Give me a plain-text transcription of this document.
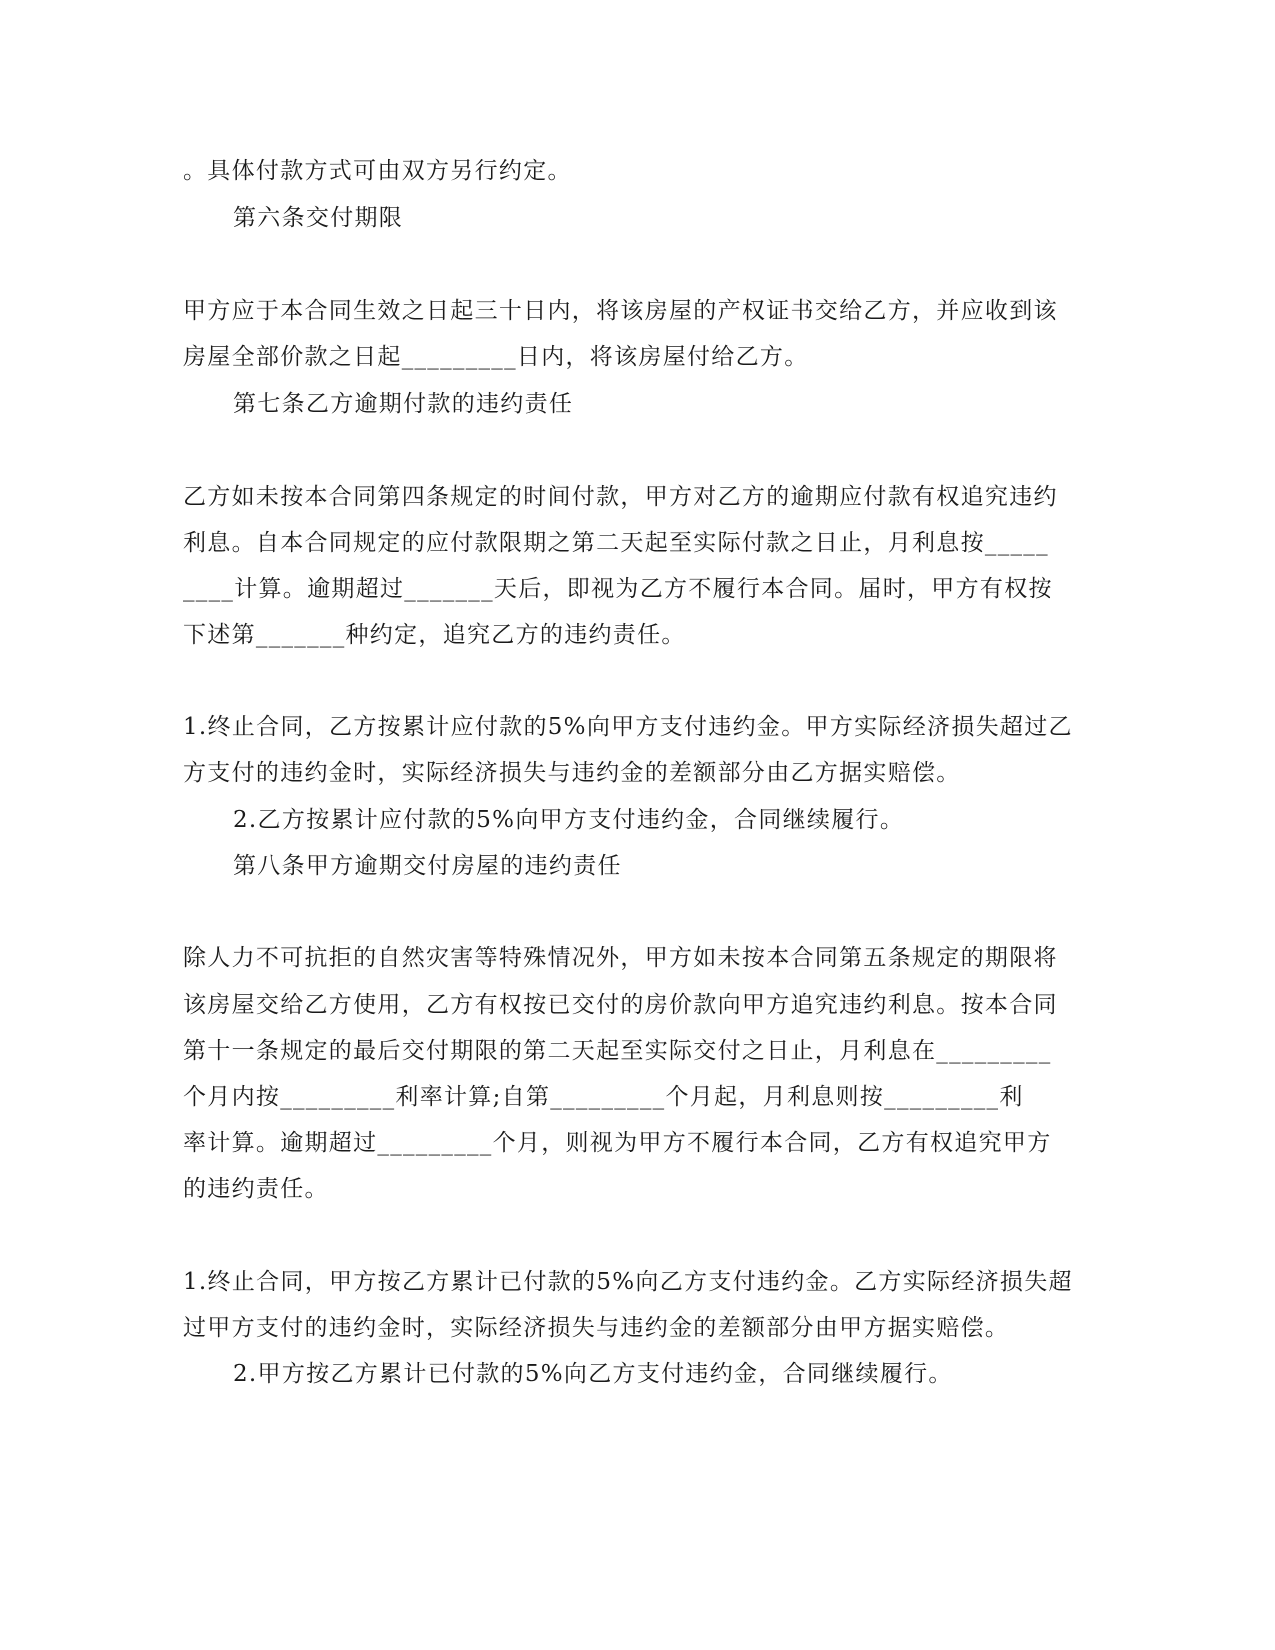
。具体付款方式可由双方另行约定。
第六条交付期限
甲方应于本合同生效之日起三十日内，将该房屋的产权证书交给乙方，并应收到该
房屋全部价款之日起_________日内，将该房屋付给乙方。
第七条乙方逾期付款的违约责任
乙方如未按本合同第四条规定的时间付款，甲方对乙方的逾期应付款有权追究违约
利息。自本合同规定的应付款限期之第二天起至实际付款之日止，月利息按_____
____计算。逾期超过_______天后，即视为乙方不履行本合同。届时，甲方有权按
下述第_______种约定，追究乙方的违约责任。
1.终止合同，乙方按累计应付款的5%向甲方支付违约金。甲方实际经济损失超过乙
方支付的违约金时，实际经济损失与违约金的差额部分由乙方据实赔偿。
2.乙方按累计应付款的5%向甲方支付违约金，合同继续履行。
第八条甲方逾期交付房屋的违约责任
除人力不可抗拒的自然灾害等特殊情况外，甲方如未按本合同第五条规定的期限将
该房屋交给乙方使用，乙方有权按已交付的房价款向甲方追究违约利息。按本合同
第十一条规定的最后交付期限的第二天起至实际交付之日止，月利息在_________
个月内按_________利率计算;自第_________个月起，月利息则按_________利
率计算。逾期超过_________个月，则视为甲方不履行本合同，乙方有权追究甲方
的违约责任。
1.终止合同，甲方按乙方累计已付款的5%向乙方支付违约金。乙方实际经济损失超
过甲方支付的违约金时，实际经济损失与违约金的差额部分由甲方据实赔偿。
2.甲方按乙方累计已付款的5%向乙方支付违约金，合同继续履行。
